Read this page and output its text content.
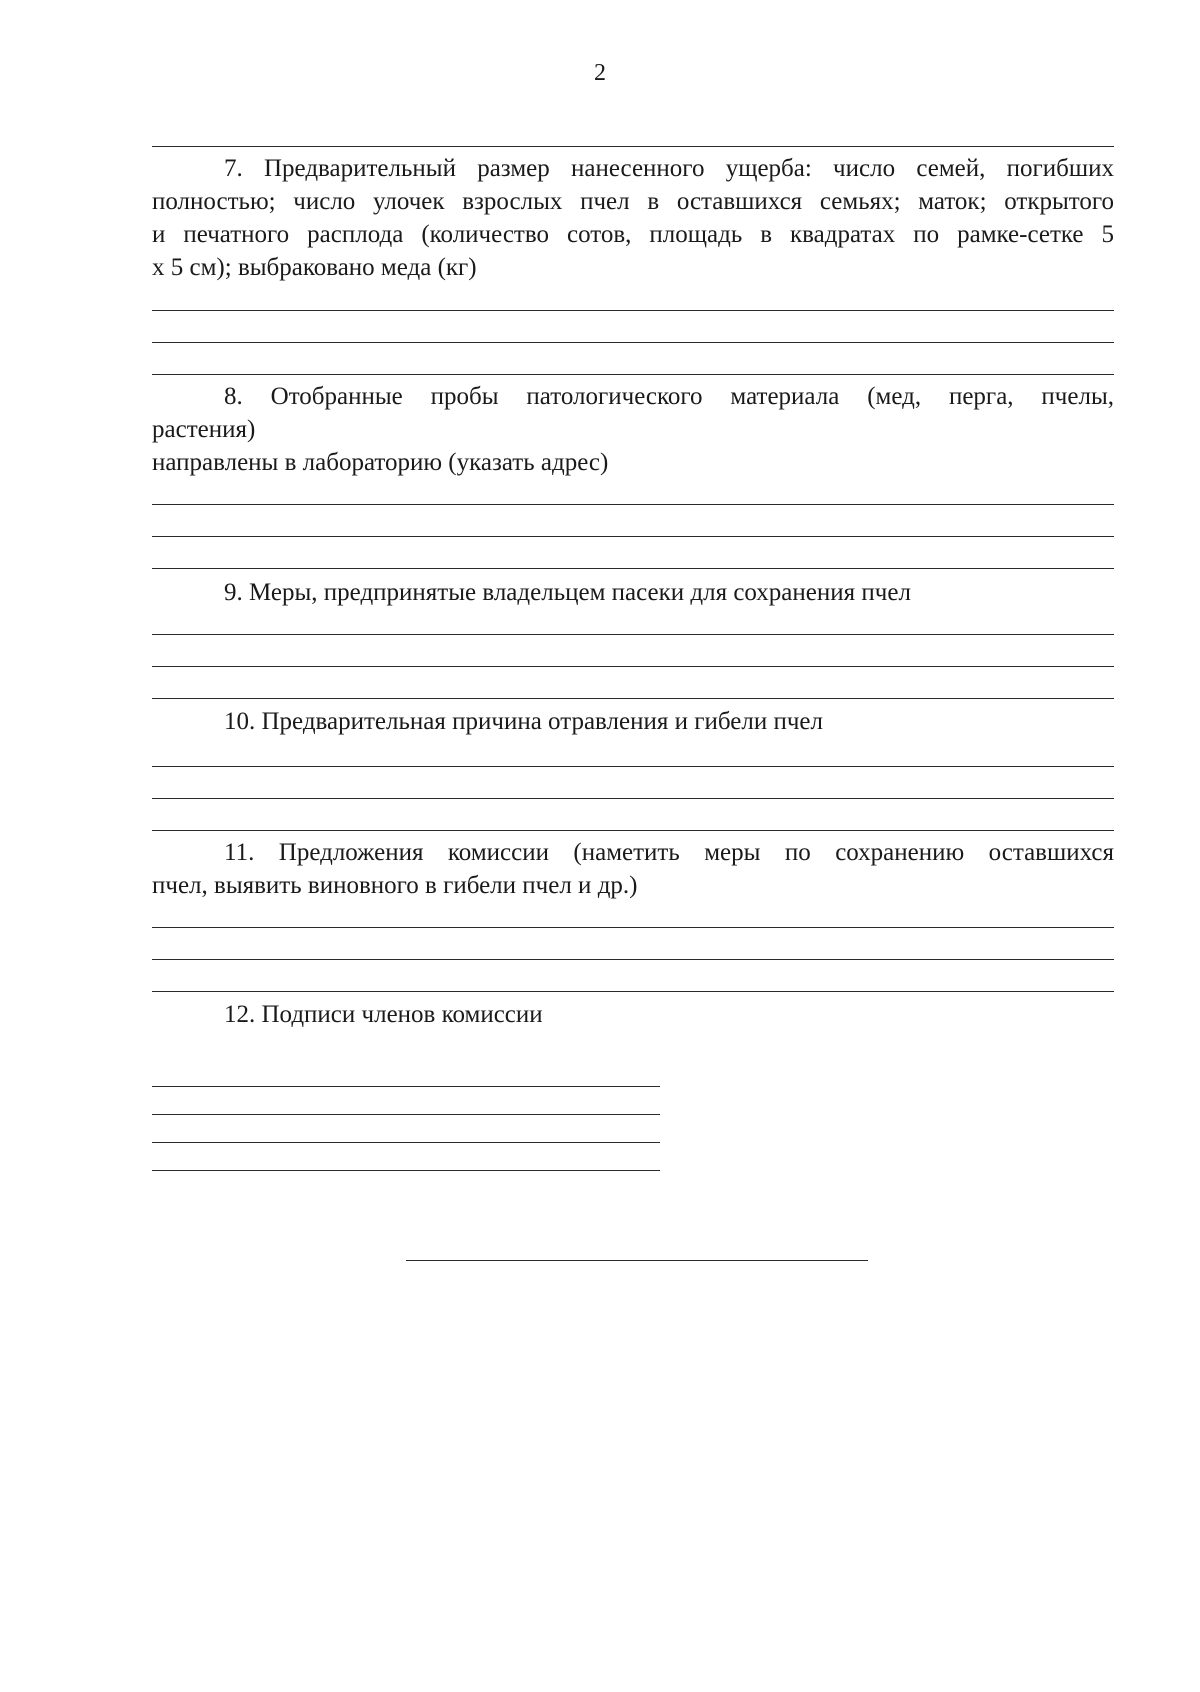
2
7. Предварительный размер нанесенного ущерба: число семей, погибших
полностью; число улочек взрослых пчел в оставшихся семьях; маток; открытого
и печатного расплода (количество сотов, площадь в квадратах по рамке-сетке 5
х 5 см); выбраковано меда (кг)
8. Отобранные пробы патологического материала (мед, перга, пчелы,
растения)
направлены в лабораторию (указать адрес)
9. Меры, предпринятые владельцем пасеки для сохранения пчел
10. Предварительная причина отравления и гибели пчел
11. Предложения комиссии (наметить меры по сохранению оставшихся
пчел, выявить виновного в гибели пчел и др.)
12. Подписи членов комиссии
